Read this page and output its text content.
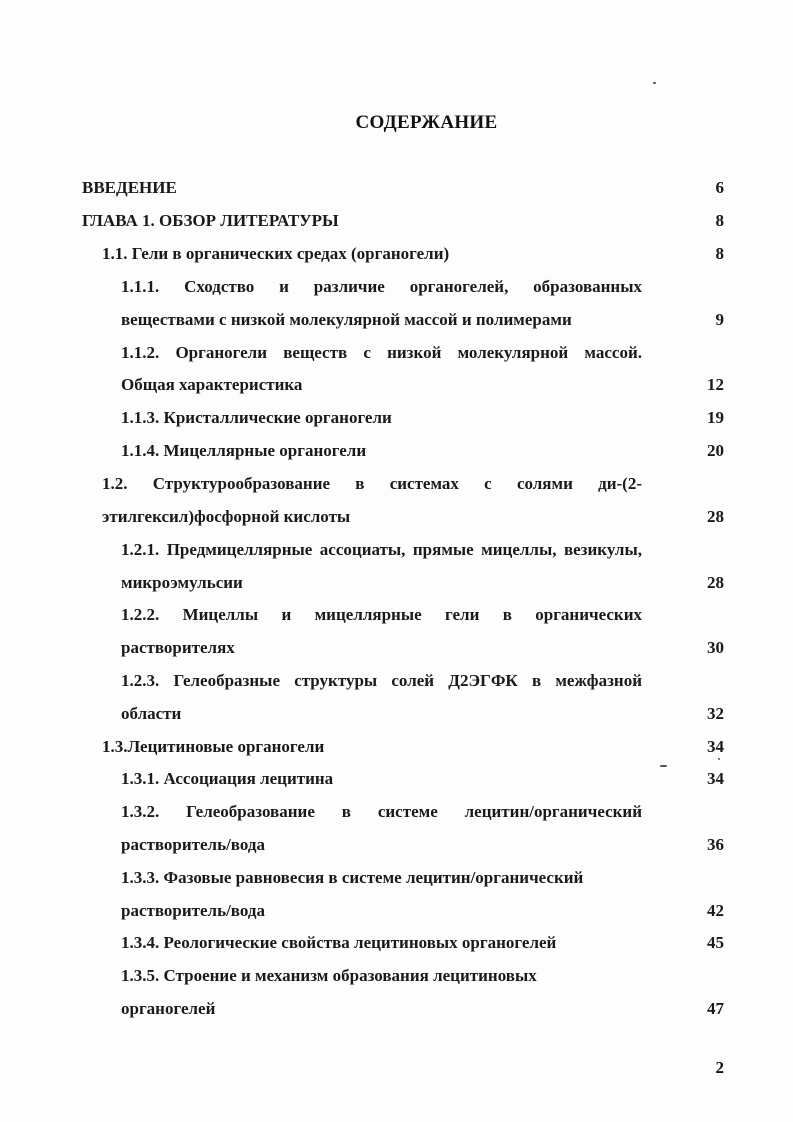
СОДЕРЖАНИЕ
ВВЕДЕНИЕ	6
ГЛАВА 1. ОБЗОР ЛИТЕРАТУРЫ	8
1.1. Гели в органических средах (органогели)	8
1.1.1. Сходство и различие органогелей, образованных
веществами с низкой молекулярной массой и полимерами	9
1.1.2. Органогели веществ с низкой молекулярной массой.
Общая характеристика	12
1.1.3. Кристаллические органогели	19
1.1.4. Мицеллярные органогели	20
1.2. Структурообразование в системах с солями ди-(2-
этилгексил)фосфорной кислоты	28
1.2.1. Предмицеллярные ассоциаты, прямые мицеллы, везикулы,
микроэмульсии	28
1.2.2. Мицеллы и мицеллярные гели в органических
растворителях	30
1.2.3. Гелеобразные структуры солей Д2ЭГФК в межфазной
области	32
1.3.Лецитиновые органогели	34
1.3.1. Ассоциация лецитина	34
1.3.2. Гелеобразование в системе лецитин/органический
растворитель/вода	36
1.3.3. Фазовые равновесия в системе лецитин/органический
растворитель/вода	42
1.3.4. Реологические свойства лецитиновых органогелей	45
1.3.5. Строение и механизм образования лецитиновых
органогелей	47
2
